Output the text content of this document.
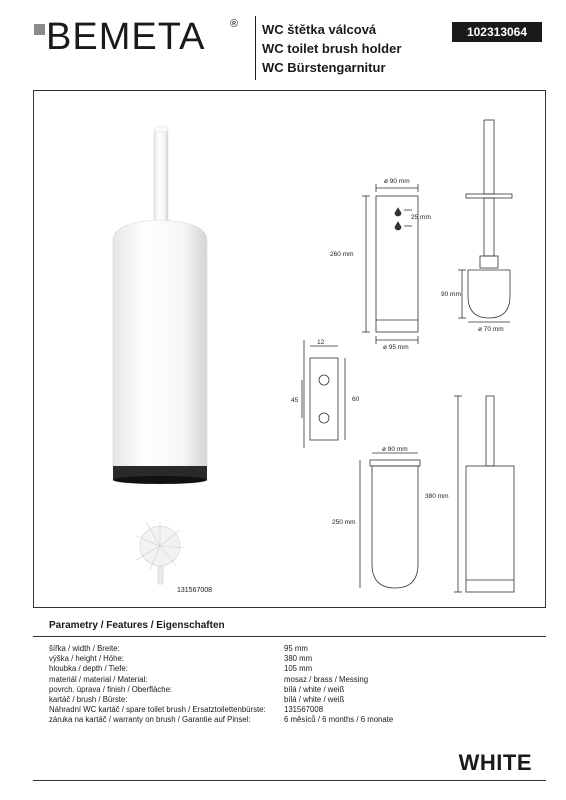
BEMETA ® WC štětka válcová
WC toilet brush holder
WC Bürstengarnitur
102313064
ø 90 mm
25 mm
260 mm
ø 95 mm
90 mm
ø 70 mm
12
45	60
ø 90 mm
250 mm
380 mm
131567008
Parametry / Features / Eigenschaften
šířka / width / Breite:	95 mm
výška / height / Höhe:	380 mm
hloubka / depth / Tiefe:	105 mm
materiál / material / Material:	mosaz / brass / Messing
povrch. úprava / finish / Oberfläche:	bílá / white / weiß
kartáč / brush / Bürste:	bílá / white / weiß
Náhradní WC kartáč / spare toilet brush / Ersatztoilettenbürste:	131567008
záruka na kartáč / warranty on brush / Garantie auf Pinsel:	6 měsíců / 6 months / 6 monate
WHITE
